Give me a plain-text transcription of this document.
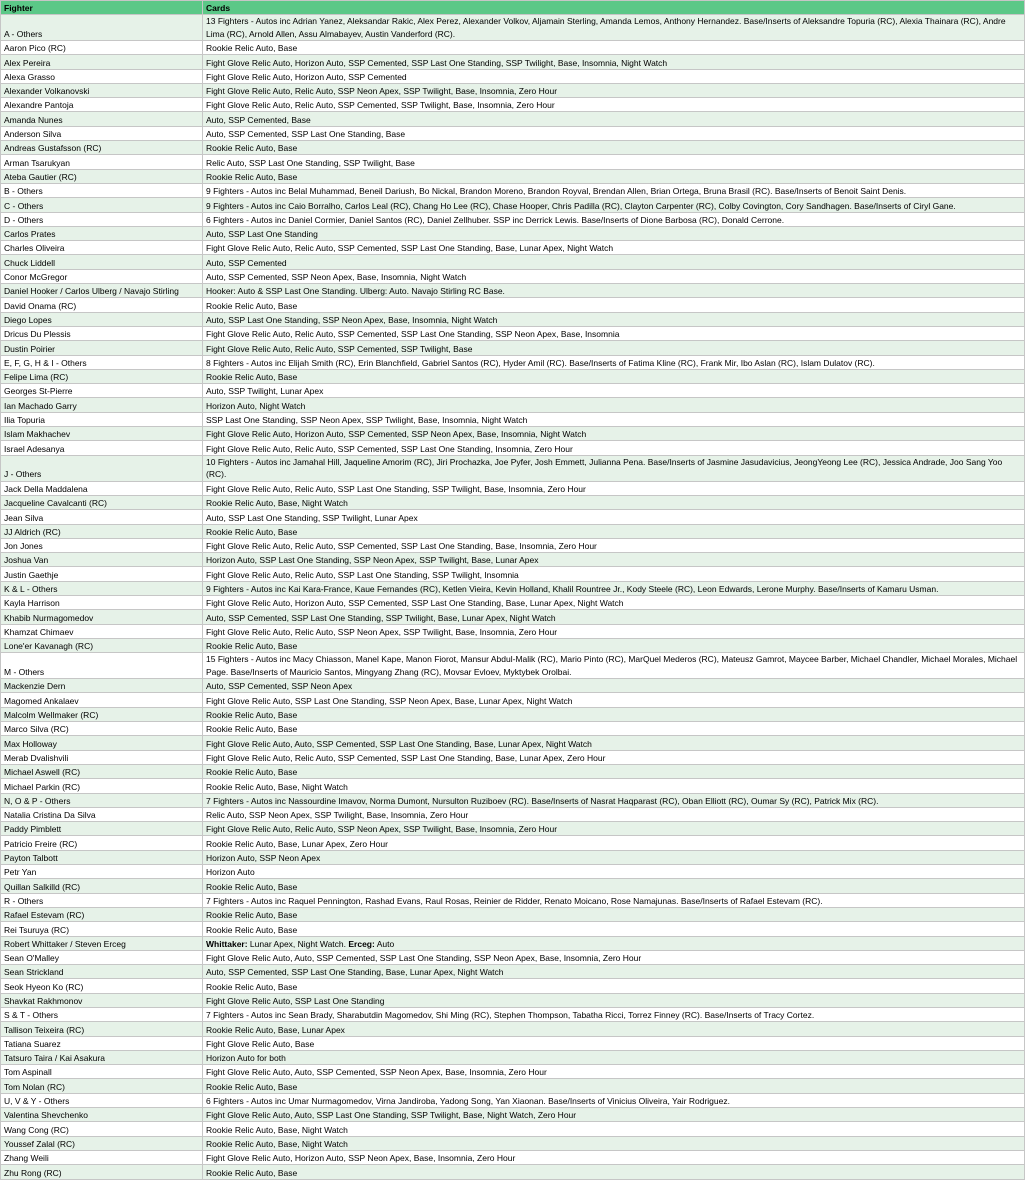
Fighter	Cards
A - Others	13 Fighters - Autos inc Adrian Yanez, Aleksandar Rakic, Alex Perez, Alexander Volkov, Aljamain Sterling, Amanda Lemos, Anthony Hernandez. Base/Inserts of Aleksandre Topuria (RC), Alexia Thainara (RC), Andre Lima (RC), Arnold Allen, Assu Almabayev, Austin Vanderford (RC).
Aaron Pico (RC)	Rookie Relic Auto, Base
Alex Pereira	Fight Glove Relic Auto, Horizon Auto, SSP Cemented, SSP Last One Standing, SSP Twilight, Base, Insomnia, Night Watch
Alexa Grasso	Fight Glove Relic Auto, Horizon Auto, SSP Cemented
Alexander Volkanovski	Fight Glove Relic Auto, Relic Auto, SSP Neon Apex, SSP Twilight, Base, Insomnia, Zero Hour
Alexandre Pantoja	Fight Glove Relic Auto, Relic Auto, SSP Cemented, SSP Twilight, Base, Insomnia, Zero Hour
Amanda Nunes	Auto, SSP Cemented, Base
Anderson Silva	Auto, SSP Cemented, SSP Last One Standing, Base
Andreas Gustafsson (RC)	Rookie Relic Auto, Base
Arman Tsarukyan	Relic Auto, SSP Last One Standing, SSP Twilight, Base
Ateba Gautier (RC)	Rookie Relic Auto, Base
B - Others	9 Fighters - Autos inc Belal Muhammad, Beneil Dariush, Bo Nickal, Brandon Moreno, Brandon Royval, Brendan Allen, Brian Ortega, Bruna Brasil (RC). Base/Inserts of Benoit Saint Denis.
C - Others	9 Fighters - Autos inc Caio Borralho, Carlos Leal (RC), Chang Ho Lee (RC), Chase Hooper, Chris Padilla (RC), Clayton Carpenter (RC), Colby Covington, Cory Sandhagen. Base/Inserts of Ciryl Gane.
D - Others	6 Fighters - Autos inc Daniel Cormier, Daniel Santos (RC), Daniel Zellhuber. SSP inc Derrick Lewis. Base/Inserts of Dione Barbosa (RC), Donald Cerrone.
Carlos Prates	Auto, SSP Last One Standing
Charles Oliveira	Fight Glove Relic Auto, Relic Auto, SSP Cemented, SSP Last One Standing, Base, Lunar Apex, Night Watch
Chuck Liddell	Auto, SSP Cemented
Conor McGregor	Auto, SSP Cemented, SSP Neon Apex, Base, Insomnia, Night Watch
Daniel Hooker / Carlos Ulberg / Navajo Stirling	Hooker: Auto & SSP Last One Standing. Ulberg: Auto. Navajo Stirling RC Base.
David Onama (RC)	Rookie Relic Auto, Base
Diego Lopes	Auto, SSP Last One Standing, SSP Neon Apex, Base, Insomnia, Night Watch
Dricus Du Plessis	Fight Glove Relic Auto, Relic Auto, SSP Cemented, SSP Last One Standing, SSP Neon Apex, Base, Insomnia
Dustin Poirier	Fight Glove Relic Auto, Relic Auto, SSP Cemented, SSP Twilight, Base
E, F, G, H & I - Others	8 Fighters - Autos inc Elijah Smith (RC), Erin Blanchfield, Gabriel Santos (RC), Hyder Amil (RC). Base/Inserts of Fatima Kline (RC), Frank Mir, Ibo Aslan (RC), Islam Dulatov (RC).
Felipe Lima (RC)	Rookie Relic Auto, Base
Georges St-Pierre	Auto, SSP Twilight, Lunar Apex
Ian Machado Garry	Horizon Auto, Night Watch
Ilia Topuria	SSP Last One Standing, SSP Neon Apex, SSP Twilight, Base, Insomnia, Night Watch
Islam Makhachev	Fight Glove Relic Auto, Horizon Auto, SSP Cemented, SSP Neon Apex, Base, Insomnia, Night Watch
Israel Adesanya	Fight Glove Relic Auto, Relic Auto, SSP Cemented, SSP Last One Standing, Insomnia, Zero Hour
J - Others	10 Fighters - Autos inc Jamahal Hill, Jaqueline Amorim (RC), Jiri Prochazka, Joe Pyfer, Josh Emmett, Julianna Pena. Base/Inserts of Jasmine Jasudavicius, JeongYeong Lee (RC), Jessica Andrade, Joo Sang Yoo (RC).
Jack Della Maddalena	Fight Glove Relic Auto, Relic Auto, SSP Last One Standing, SSP Twilight, Base, Insomnia, Zero Hour
Jacqueline Cavalcanti (RC)	Rookie Relic Auto, Base, Night Watch
Jean Silva	Auto, SSP Last One Standing, SSP Twilight, Lunar Apex
JJ Aldrich (RC)	Rookie Relic Auto, Base
Jon Jones	Fight Glove Relic Auto, Relic Auto, SSP Cemented, SSP Last One Standing, Base, Insomnia, Zero Hour
Joshua Van	Horizon Auto, SSP Last One Standing, SSP Neon Apex, SSP Twilight, Base, Lunar Apex
Justin Gaethje	Fight Glove Relic Auto, Relic Auto, SSP Last One Standing, SSP Twilight, Insomnia
K & L - Others	9 Fighters - Autos inc Kai Kara-France, Kaue Fernandes (RC), Ketlen Vieira, Kevin Holland, Khalil Rountree Jr., Kody Steele (RC), Leon Edwards, Lerone Murphy. Base/Inserts of Kamaru Usman.
Kayla Harrison	Fight Glove Relic Auto, Horizon Auto, SSP Cemented, SSP Last One Standing, Base, Lunar Apex, Night Watch
Khabib Nurmagomedov	Auto, SSP Cemented, SSP Last One Standing, SSP Twilight, Base, Lunar Apex, Night Watch
Khamzat Chimaev	Fight Glove Relic Auto, Relic Auto, SSP Neon Apex, SSP Twilight, Base, Insomnia, Zero Hour
Lone'er Kavanagh (RC)	Rookie Relic Auto, Base
M - Others	15 Fighters - Autos inc Macy Chiasson, Manel Kape, Manon Fiorot, Mansur Abdul-Malik (RC), Mario Pinto (RC), MarQuel Mederos (RC), Mateusz Gamrot, Maycee Barber, Michael Chandler, Michael Morales, Michael Page. Base/Inserts of Mauricio Santos, Mingyang Zhang (RC), Movsar Evloev, Myktybek Orolbai.
Mackenzie Dern	Auto, SSP Cemented, SSP Neon Apex
Magomed Ankalaev	Fight Glove Relic Auto, SSP Last One Standing, SSP Neon Apex, Base, Lunar Apex, Night Watch
Malcolm Wellmaker (RC)	Rookie Relic Auto, Base
Marco Silva (RC)	Rookie Relic Auto, Base
Max Holloway	Fight Glove Relic Auto, Auto, SSP Cemented, SSP Last One Standing, Base, Lunar Apex, Night Watch
Merab Dvalishvili	Fight Glove Relic Auto, Relic Auto, SSP Cemented, SSP Last One Standing, Base, Lunar Apex, Zero Hour
Michael Aswell (RC)	Rookie Relic Auto, Base
Michael Parkin (RC)	Rookie Relic Auto, Base, Night Watch
N, O & P - Others	7 Fighters - Autos inc Nassourdine Imavov, Norma Dumont, Nursulton Ruziboev (RC). Base/Inserts of Nasrat Haqparast (RC), Oban Elliott (RC), Oumar Sy (RC), Patrick Mix (RC).
Natalia Cristina Da Silva	Relic Auto, SSP Neon Apex, SSP Twilight, Base, Insomnia, Zero Hour
Paddy Pimblett	Fight Glove Relic Auto, Relic Auto, SSP Neon Apex, SSP Twilight, Base, Insomnia, Zero Hour
Patricio Freire (RC)	Rookie Relic Auto, Base, Lunar Apex, Zero Hour
Payton Talbott	Horizon Auto, SSP Neon Apex
Petr Yan	Horizon Auto
Quillan Salkilld (RC)	Rookie Relic Auto, Base
R - Others	7 Fighters - Autos inc Raquel Pennington, Rashad Evans, Raul Rosas, Reinier de Ridder, Renato Moicano, Rose Namajunas. Base/Inserts of Rafael Estevam (RC).
Rafael Estevam (RC)	Rookie Relic Auto, Base
Rei Tsuruya (RC)	Rookie Relic Auto, Base
Robert Whittaker / Steven Erceg	Whittaker: Lunar Apex, Night Watch. Erceg: Auto
Sean O'Malley	Fight Glove Relic Auto, Auto, SSP Cemented, SSP Last One Standing, SSP Neon Apex, Base, Insomnia, Zero Hour
Sean Strickland	Auto, SSP Cemented, SSP Last One Standing, Base, Lunar Apex, Night Watch
Seok Hyeon Ko (RC)	Rookie Relic Auto, Base
Shavkat Rakhmonov	Fight Glove Relic Auto, SSP Last One Standing
S & T - Others	7 Fighters - Autos inc Sean Brady, Sharabutdin Magomedov, Shi Ming (RC), Stephen Thompson, Tabatha Ricci, Torrez Finney (RC). Base/Inserts of Tracy Cortez.
Tallison Teixeira (RC)	Rookie Relic Auto, Base, Lunar Apex
Tatiana Suarez	Fight Glove Relic Auto, Base
Tatsuro Taira / Kai Asakura	Horizon Auto for both
Tom Aspinall	Fight Glove Relic Auto, Auto, SSP Cemented, SSP Neon Apex, Base, Insomnia, Zero Hour
Tom Nolan (RC)	Rookie Relic Auto, Base
U, V & Y - Others	6 Fighters - Autos inc Umar Nurmagomedov, Virna Jandiroba, Yadong Song, Yan Xiaonan. Base/Inserts of Vinicius Oliveira, Yair Rodriguez.
Valentina Shevchenko	Fight Glove Relic Auto, Auto, SSP Last One Standing, SSP Twilight, Base, Night Watch, Zero Hour
Wang Cong (RC)	Rookie Relic Auto, Base, Night Watch
Youssef Zalal (RC)	Rookie Relic Auto, Base, Night Watch
Zhang Weili	Fight Glove Relic Auto, Horizon Auto, SSP Neon Apex, Base, Insomnia, Zero Hour
Zhu Rong (RC)	Rookie Relic Auto, Base
